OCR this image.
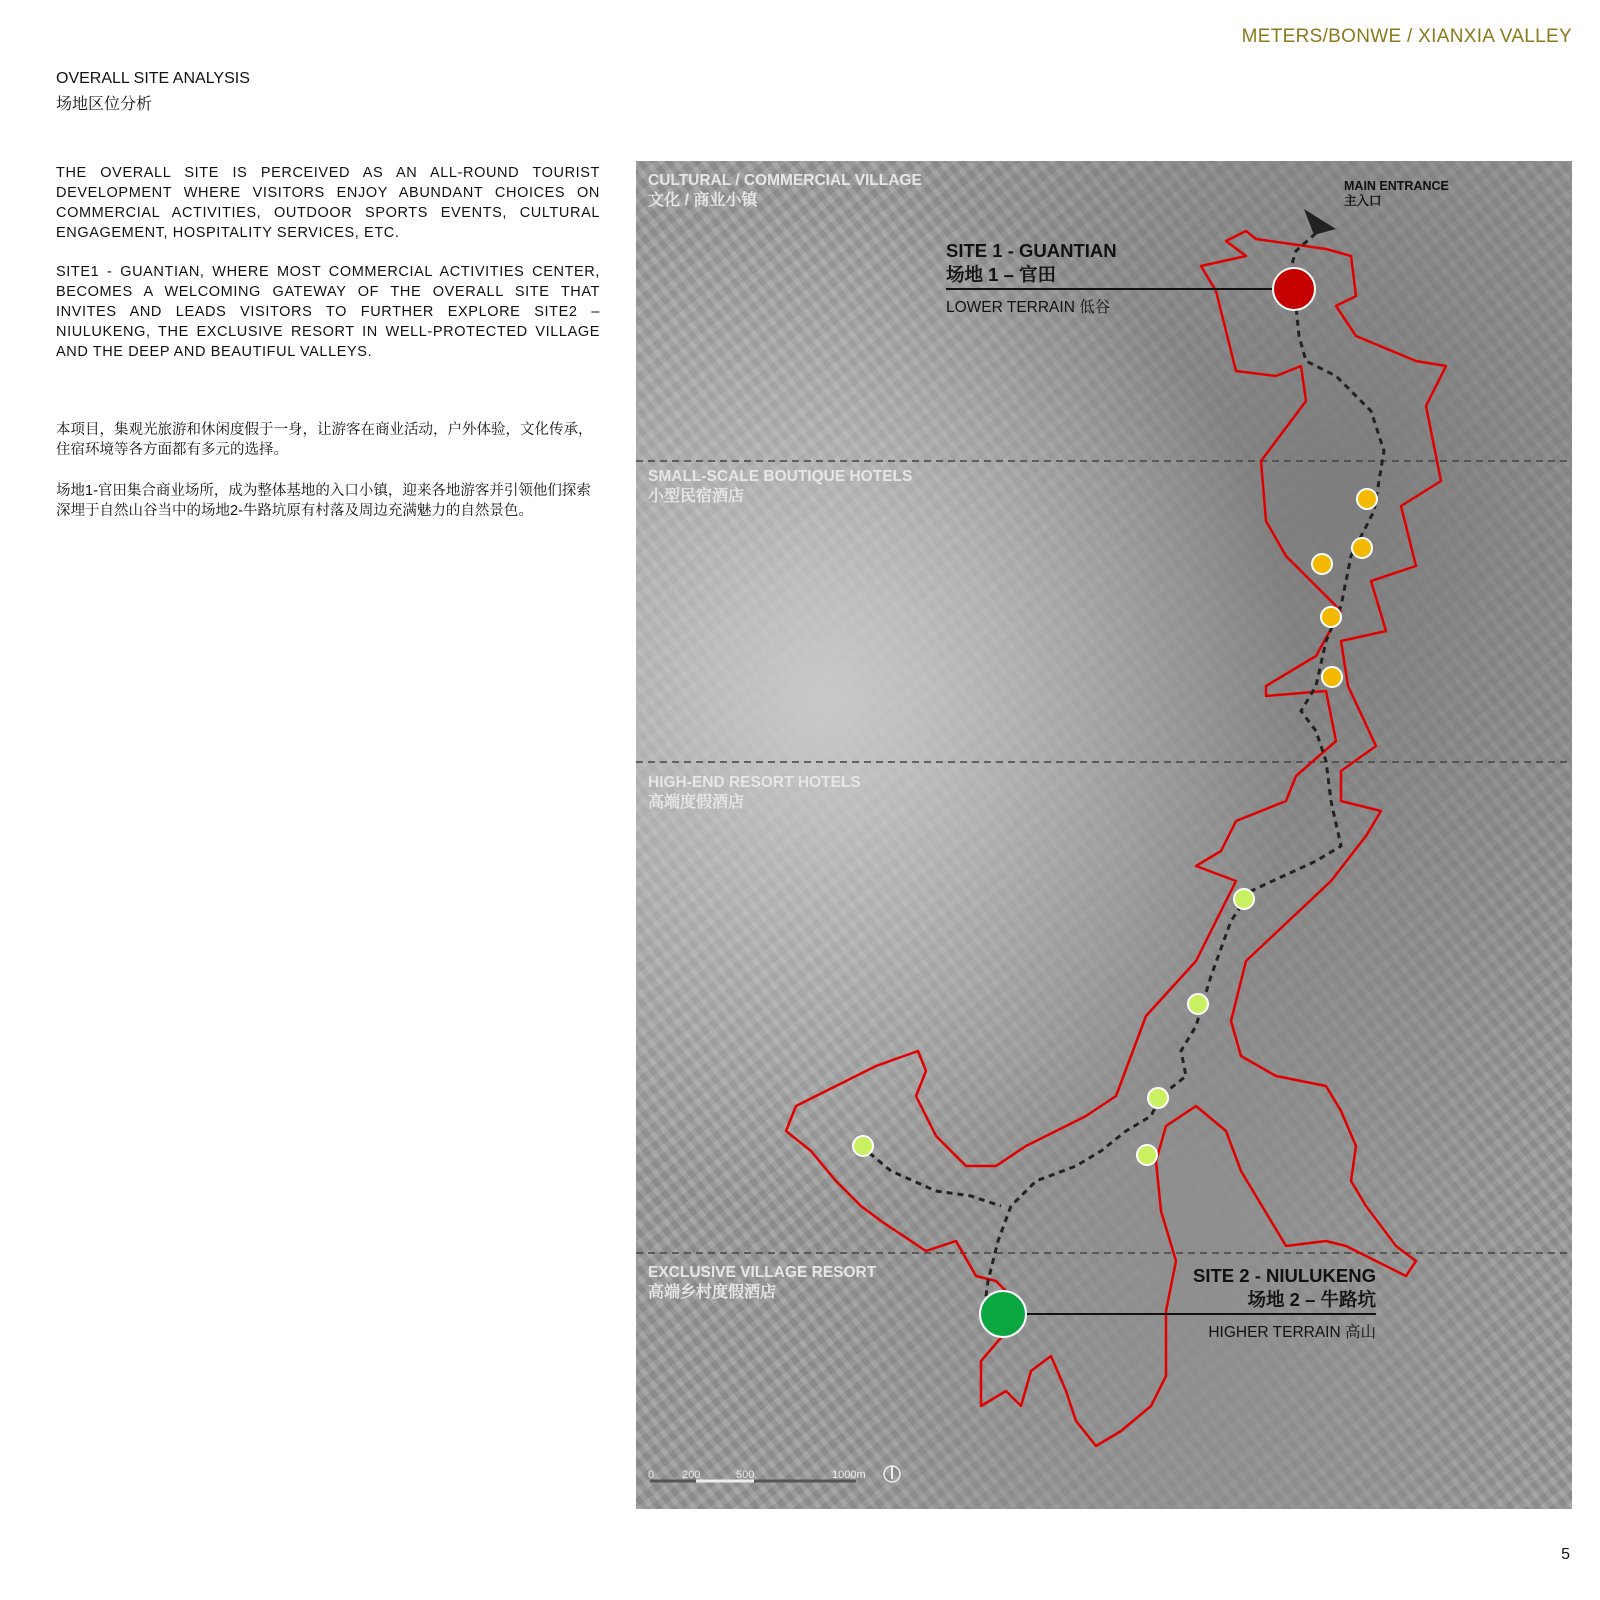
METERS/BONWE / XIANXIA VALLEY
OVERALL SITE ANALYSIS
场地区位分析
THE OVERALL SITE IS PERCEIVED AS AN ALL-ROUND TOURIST DEVELOPMENT WHERE VISITORS ENJOY ABUNDANT CHOICES ON COMMERCIAL ACTIVITIES, OUTDOOR SPORTS EVENTS, CULTURAL ENGAGEMENT, HOSPITALITY SERVICES, ETC.
SITE1 - GUANTIAN, WHERE MOST COMMERCIAL ACTIVITIES CENTER, BECOMES A WELCOMING GATEWAY OF THE OVERALL SITE THAT INVITES AND LEADS VISITORS TO FURTHER EXPLORE SITE2 – NIULUKENG, THE EXCLUSIVE RESORT IN WELL-PROTECTED VILLAGE AND THE DEEP AND BEAUTIFUL VALLEYS.
本项目，集观光旅游和休闲度假于一身，让游客在商业活动，户外体验，文化传承，住宿环境等各方面都有多元的选择。
场地1-官田集合商业场所，成为整体基地的入口小镇，迎来各地游客并引领他们探索深埋于自然山谷当中的场地2-牛路坑原有村落及周边充满魅力的自然景色。
CULTURAL / COMMERCIAL VILLAGE
文化 / 商业小镇
SMALL-SCALE BOUTIQUE HOTELS
小型民宿酒店
HIGH-END RESORT HOTELS
高端度假酒店
EXCLUSIVE VILLAGE RESORT
高端乡村度假酒店
MAIN ENTRANCE
主入口
SITE 1 - GUANTIAN
场地 1 – 官田
LOWER TERRAIN 低谷
SITE 2 - NIULUKENG
场地 2 – 牛路坑
HIGHER TERRAIN 高山
0	200	500	1000m
5
